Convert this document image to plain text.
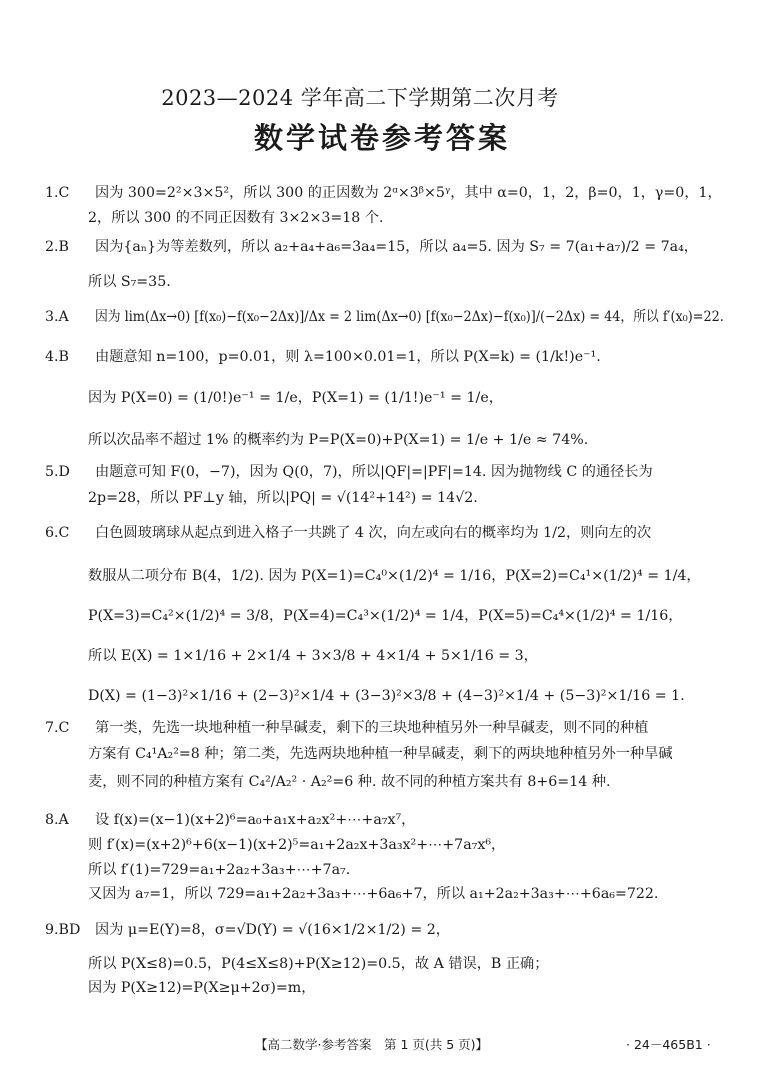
2023—2024 学年高二下学期第二次月考
数学试卷参考答案
1.C 因为 300=2²×3×5²，所以 300 的正因数为 2ᵅ×3ᵝ×5ᵞ，其中 α=0，1，2，β=0，1，γ=0，1，
2，所以 300 的不同正因数有 3×2×3=18 个.
2.B 因为{aₙ}为等差数列，所以 a₂+a₄+a₆=3a₄=15，所以 a₄=5. 因为 S₇ = 7(a₁+a₇)/2 = 7a₄，
所以 S₇=35.
3.A 因为 lim(Δx→0) [f(x₀)−f(x₀−2Δx)]/Δx = 2 lim(Δx→0) [f(x₀−2Δx)−f(x₀)]/(−2Δx) = 44，所以 f′(x₀)=22.
4.B 由题意知 n=100，p=0.01，则 λ=100×0.01=1，所以 P(X=k) = (1/k!)e⁻¹.
因为 P(X=0) = (1/0!)e⁻¹ = 1/e，P(X=1) = (1/1!)e⁻¹ = 1/e，
所以次品率不超过 1% 的概率约为 P=P(X=0)+P(X=1) = 1/e + 1/e ≈ 74%.
5.D 由题意可知 F(0，−7)，因为 Q(0，7)，所以|QF|=|PF|=14. 因为抛物线 C 的通径长为
2p=28，所以 PF⊥y 轴，所以|PQ| = √(14²+14²) = 14√2.
6.C 白色圆玻璃球从起点到进入格子一共跳了 4 次，向左或向右的概率均为 1/2，则向左的次
数服从二项分布 B(4，1/2). 因为 P(X=1)=C₄⁰×(1/2)⁴ = 1/16，P(X=2)=C₄¹×(1/2)⁴ = 1/4，
P(X=3)=C₄²×(1/2)⁴ = 3/8，P(X=4)=C₄³×(1/2)⁴ = 1/4，P(X=5)=C₄⁴×(1/2)⁴ = 1/16，
所以 E(X) = 1×1/16 + 2×1/4 + 3×3/8 + 4×1/4 + 5×1/16 = 3，
D(X) = (1−3)²×1/16 + (2−3)²×1/4 + (3−3)²×3/8 + (4−3)²×1/4 + (5−3)²×1/16 = 1.
7.C 第一类，先选一块地种植一种旱碱麦，剩下的三块地种植另外一种旱碱麦，则不同的种植
方案有 C₄¹A₂²=8 种；第二类，先选两块地种植一种旱碱麦，剩下的两块地种植另外一种旱碱
麦，则不同的种植方案有 C₄²/A₂² · A₂²=6 种. 故不同的种植方案共有 8+6=14 种.
8.A 设 f(x)=(x−1)(x+2)⁶=a₀+a₁x+a₂x²+⋯+a₇x⁷，
则 f′(x)=(x+2)⁶+6(x−1)(x+2)⁵=a₁+2a₂x+3a₃x²+⋯+7a₇x⁶，
所以 f′(1)=729=a₁+2a₂+3a₃+⋯+7a₇.
又因为 a₇=1，所以 729=a₁+2a₂+3a₃+⋯+6a₆+7，所以 a₁+2a₂+3a₃+⋯+6a₆=722.
9.BD 因为 μ=E(Y)=8，σ=√D(Y) = √(16×1/2×1/2) = 2，
所以 P(X≤8)=0.5，P(4≤X≤8)+P(X≥12)=0.5，故 A 错误，B 正确；
因为 P(X≥12)=P(X≥μ+2σ)=m，
【高二数学·参考答案　第 1 页(共 5 页)】	· 24－465B1 ·
